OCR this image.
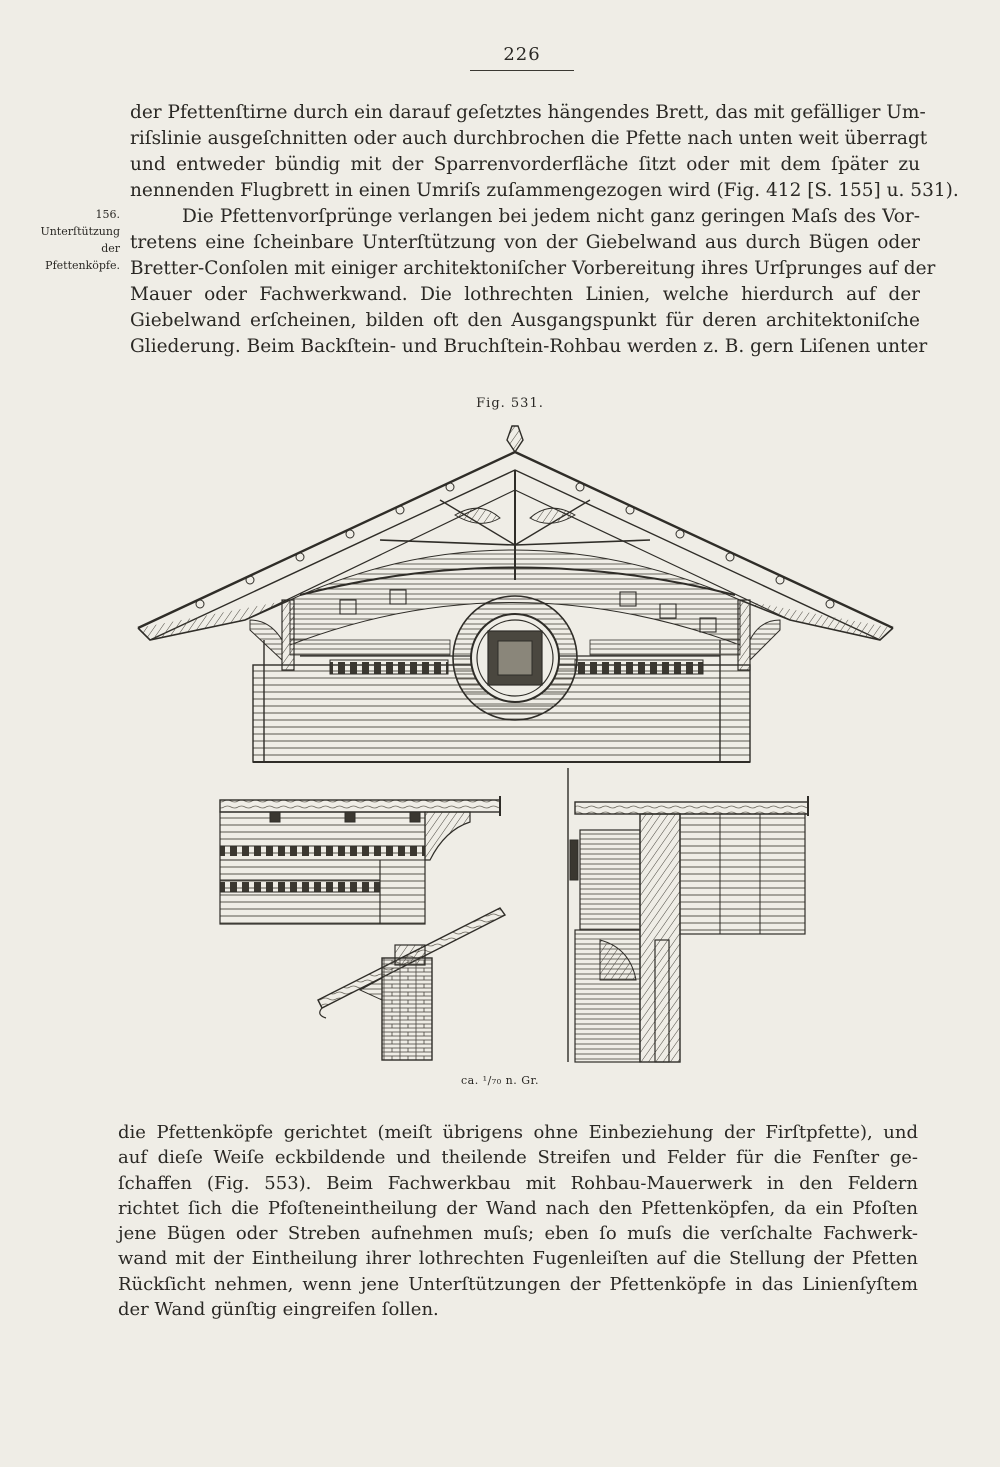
226

der Pfettenſtirne durch ein darauf geſetztes hängendes Brett, das mit gefälliger Um-
riſslinie ausgeſchnitten oder auch durchbrochen die Pfette nach unten weit überragt
und entweder bündig mit der Sparrenvorderfläche ſitzt oder mit dem ſpäter zu
nennenden Flugbrett in einen Umriſs zuſammengezogen wird (Fig. 412 [S. 155] u. 531).

156.
Unterſtützung
der
Pfettenköpfe.

Die Pfettenvorſprünge verlangen bei jedem nicht ganz geringen Maſs des Vor-
tretens eine ſcheinbare Unterſtützung von der Giebelwand aus durch Bügen oder
Bretter-Conſolen mit einiger architektoniſcher Vorbereitung ihres Urſprunges auf der
Mauer oder Fachwerkwand. Die lothrechten Linien, welche hierdurch auf der
Giebelwand erſcheinen, bilden oft den Ausgangspunkt für deren architektoniſche
Gliederung. Beim Backſtein- und Bruchſtein-Rohbau werden z. B. gern Liſenen unter

Fig. 531.
ca. ¹/₇₀ n. Gr.

die Pfettenköpfe gerichtet (meiſt übrigens ohne Einbeziehung der Firſtpfette), und
auf dieſe Weiſe eckbildende und theilende Streifen und Felder für die Fenſter ge-
ſchaffen (Fig. 553). Beim Fachwerkbau mit Rohbau-Mauerwerk in den Feldern
richtet ſich die Pfoſteneintheilung der Wand nach den Pfettenköpfen, da ein Pfoſten
jene Bügen oder Streben aufnehmen muſs; eben ſo muſs die verſchalte Fachwerk-
wand mit der Eintheilung ihrer lothrechten Fugenleiſten auf die Stellung der Pfetten
Rückſicht nehmen, wenn jene Unterſtützungen der Pfettenköpfe in das Linienſyſtem
der Wand günſtig eingreifen ſollen.
